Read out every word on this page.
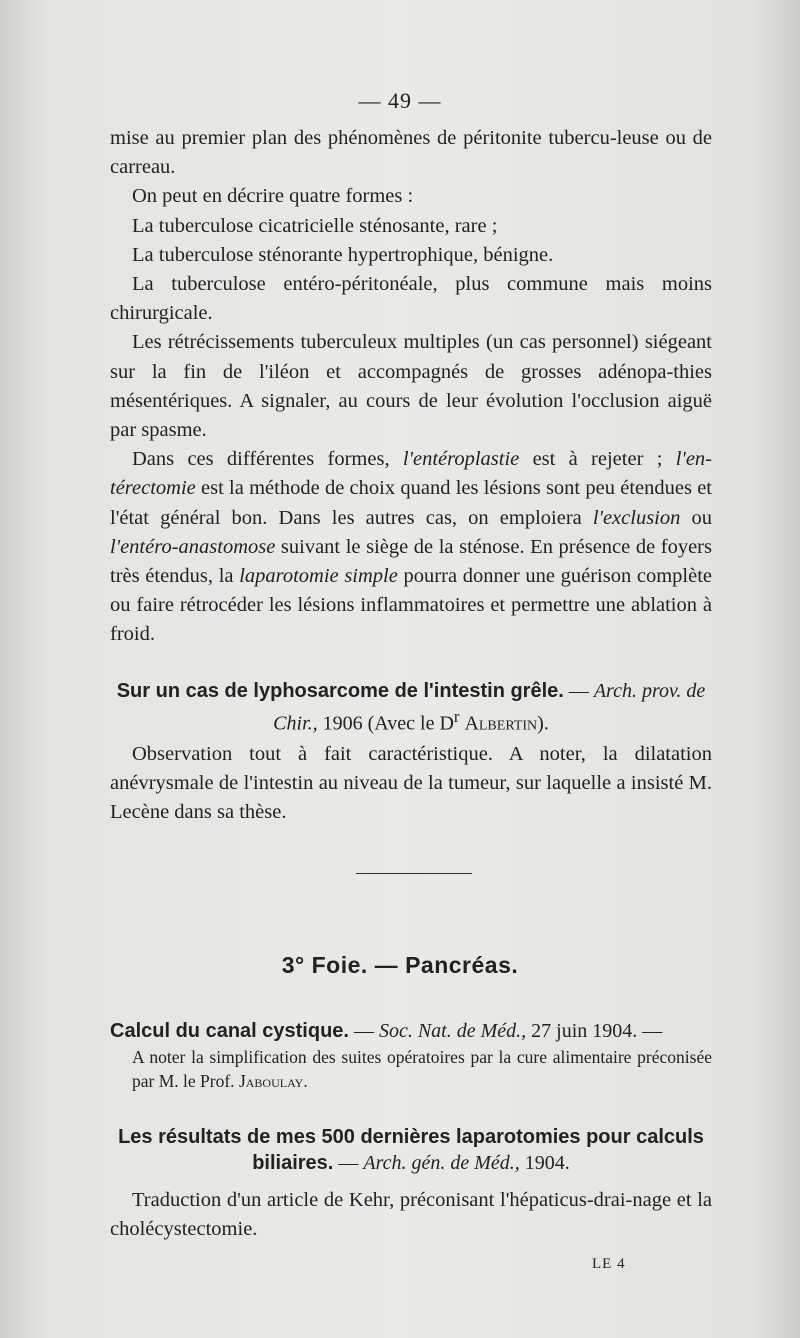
— 49 —

mise au premier plan des phénomènes de péritonite tubercu-leuse ou de carreau.

On peut en décrire quatre formes :

La tuberculose cicatricielle sténosante, rare ;

La tuberculose sténorante hypertrophique, bénigne.

La tuberculose entéro-péritonéale, plus commune mais moins chirurgicale.

Les rétrécissements tuberculeux multiples (un cas personnel) siégeant sur la fin de l'iléon et accompagnés de grosses adénopa-thies mésentériques. A signaler, au cours de leur évolution l'occlusion aiguë par spasme.

Dans ces différentes formes, l'entéroplastie est à rejeter ; l'en-térectomie est la méthode de choix quand les lésions sont peu étendues et l'état général bon. Dans les autres cas, on emploiera l'exclusion ou l'entéro-anastomose suivant le siège de la sténose. En présence de foyers très étendus, la laparotomie simple pourra donner une guérison complète ou faire rétrocéder les lésions inflammatoires et permettre une ablation à froid.

Sur un cas de lyphosarcome de l'intestin grêle. — Arch. prov. de Chir., 1906 (Avec le $D^r$ Albertin).

Observation tout à fait caractéristique. A noter, la dilatation anévrysmale de l'intestin au niveau de la tumeur, sur laquelle a insisté M. Lecène dans sa thèse.

3° Foie. — Pancréas.
Calcul du canal cystique. — Soc. Nat. de Méd., 27 juin 1904. —
A noter la simplification des suites opératoires par la cure alimentaire préconisée par M. le Prof. Jaboulay.
Les résultats de mes 500 dernières laparotomies pour calculs biliaires. — Arch. gén. de Méd., 1904.

Traduction d'un article de Kehr, préconisant l'hépaticus-drai-nage et la cholécystectomie.

LE 4
